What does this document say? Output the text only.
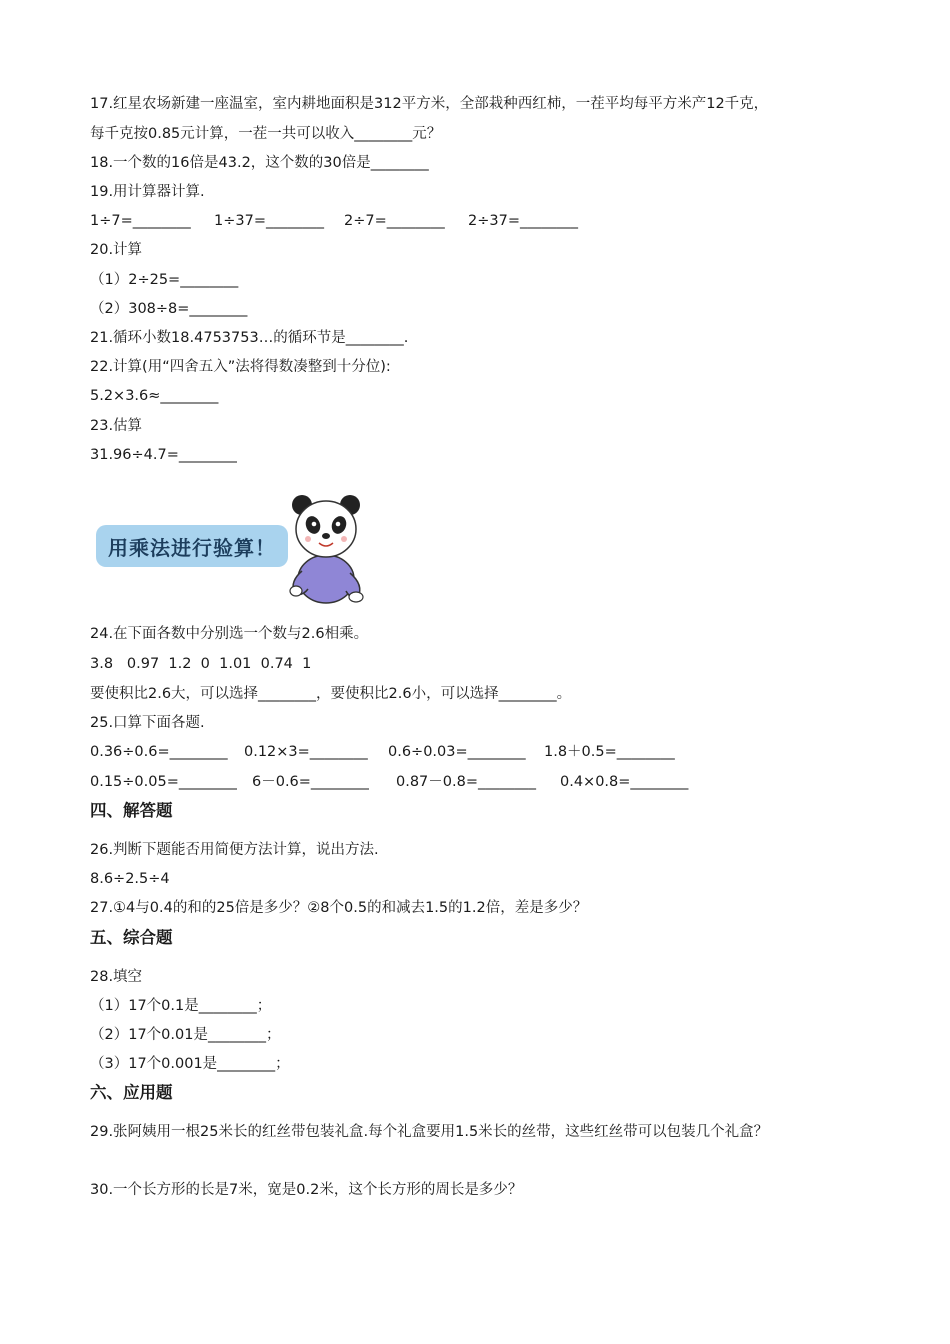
17.红星农场新建一座温室，室内耕地面积是312平方米，全部栽种西红柿，一茬平均每平方米产12千克，
每千克按0.85元计算，一茬一共可以收入________元？
18.一个数的16倍是43.2，这个数的30倍是________
19.用计算器计算.
1÷7=________ 1÷37=________ 2÷7=________ 2÷37=________
20.计算
（1）2÷25=________
（2）308÷8=________
21.循环小数18.4753753…的循环节是________.
22.计算(用“四舍五入”法将得数凑整到十分位):
5.2×3.6≈________
23.估算
31.96÷4.7=________
用乘法进行验算！
24.在下面各数中分别选一个数与2.6相乘。
3.8   0.97  1.2  0  1.01  0.74  1
要使积比2.6大，可以选择________，要使积比2.6小，可以选择________。
25.口算下面各题.
0.36÷0.6=________ 0.12×3=________ 0.6÷0.03=________ 1.8＋0.5=________
0.15÷0.05=________ 6－0.6=________ 0.87－0.8=________ 0.4×0.8=________
四、解答题
26.判断下题能否用简便方法计算，说出方法.
8.6÷2.5÷4
27.①4与0.4的和的25倍是多少？②8个0.5的和减去1.5的1.2倍，差是多少？
五、综合题
28.填空
（1）17个0.1是________；
（2）17个0.01是________；
（3）17个0.001是________；
六、应用题
29.张阿姨用一根25米长的红丝带包装礼盒.每个礼盒要用1.5米长的丝带，这些红丝带可以包装几个礼盒？
30.一个长方形的长是7米，宽是0.2米，这个长方形的周长是多少？
